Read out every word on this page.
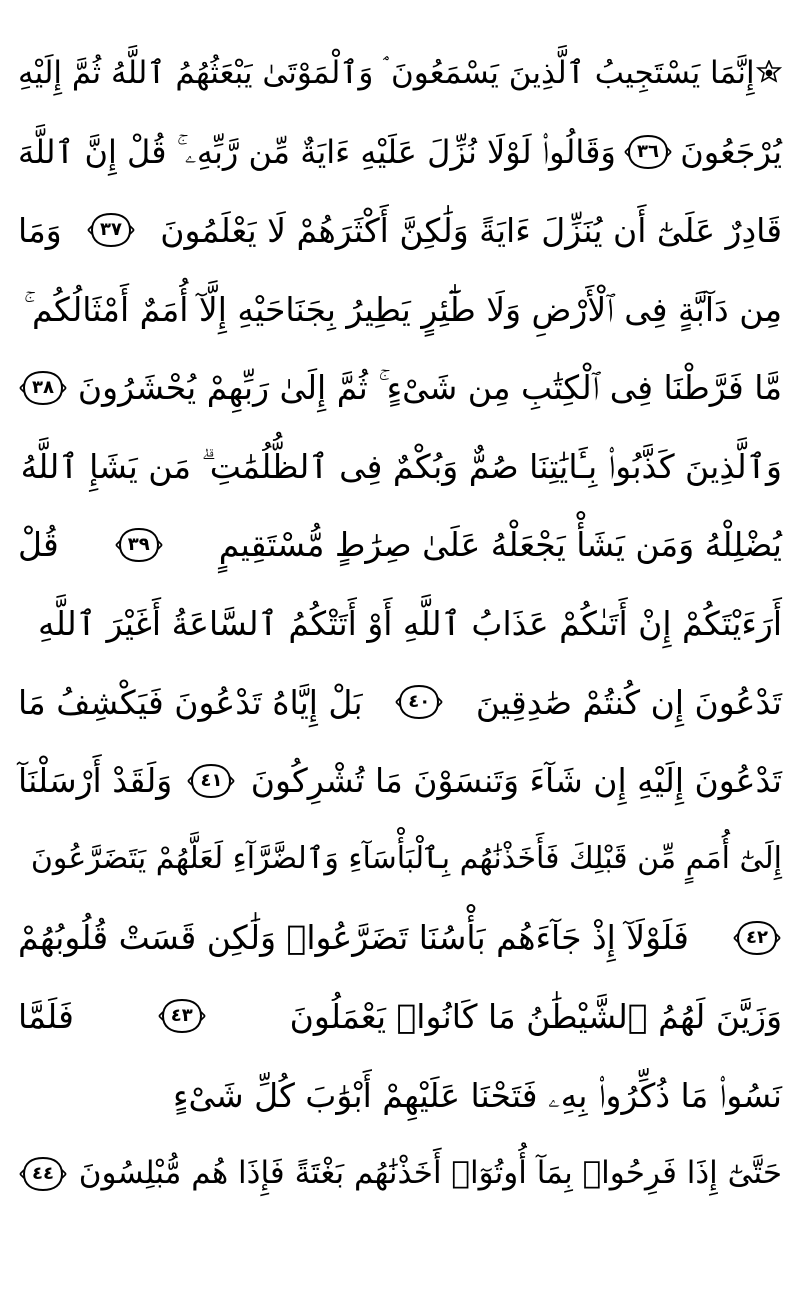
إِنَّمَا يَسْتَجِيبُ ٱلَّذِينَ يَسْمَعُونَ ۘ وَٱلْمَوْتَىٰ يَبْعَثُهُمُ ٱللَّهُ ثُمَّ إِلَيْهِ
يُرْجَعُونَ
٣٦
وَقَالُوا۟ لَوْلَا نُزِّلَ عَلَيْهِ ءَايَةٌ مِّن رَّبِّهِۦ ۚ قُلْ إِنَّ ٱللَّهَ
قَادِرٌ عَلَىٰٓ أَن يُنَزِّلَ ءَايَةً وَلَٰكِنَّ أَكْثَرَهُمْ لَا يَعْلَمُونَ
٣٧
وَمَا
مِن دَآبَّةٍ فِى ٱلْأَرْضِ وَلَا طَٰٓئِرٍ يَطِيرُ بِجَنَاحَيْهِ إِلَّآ أُمَمٌ أَمْثَالُكُم ۚ
مَّا فَرَّطْنَا فِى ٱلْكِتَٰبِ مِن شَىْءٍ ۚ ثُمَّ إِلَىٰ رَبِّهِمْ يُحْشَرُونَ
٣٨
وَٱلَّذِينَ كَذَّبُوا۟ بِـَٔايَٰتِنَا صُمٌّ وَبُكْمٌ فِى ٱلظُّلُمَٰتِ ۗ مَن يَشَإِ ٱللَّهُ
يُضْلِلْهُ وَمَن يَشَأْ يَجْعَلْهُ عَلَىٰ صِرَٰطٍ مُّسْتَقِيمٍ
٣٩
قُلْ
أَرَءَيْتَكُمْ إِنْ أَتَىٰكُمْ عَذَابُ ٱللَّهِ أَوْ أَتَتْكُمُ ٱلسَّاعَةُ أَغَيْرَ ٱللَّهِ
تَدْعُونَ إِن كُنتُمْ صَٰدِقِينَ
٤٠
بَلْ إِيَّاهُ تَدْعُونَ فَيَكْشِفُ مَا
تَدْعُونَ إِلَيْهِ إِن شَآءَ وَتَنسَوْنَ مَا تُشْرِكُونَ
٤١
وَلَقَدْ أَرْسَلْنَآ
إِلَىٰٓ أُمَمٍ مِّن قَبْلِكَ فَأَخَذْنَٰهُم بِٱلْبَأْسَآءِ وَٱلضَّرَّآءِ لَعَلَّهُمْ يَتَضَرَّعُونَ
٤٢
فَلَوْلَآ إِذْ جَآءَهُم بَأْسُنَا تَضَرَّعُوا۟ وَلَٰكِن قَسَتْ قُلُوبُهُمْ
وَزَيَّنَ لَهُمُ ٱلشَّيْطَٰنُ مَا كَانُوا۟ يَعْمَلُونَ
٤٣
فَلَمَّا
نَسُوا۟ مَا ذُكِّرُوا۟ بِهِۦ فَتَحْنَا عَلَيْهِمْ أَبْوَٰبَ كُلِّ شَىْءٍ
حَتَّىٰٓ إِذَا فَرِحُوا۟ بِمَآ أُوتُوٓا۟ أَخَذْنَٰهُم بَغْتَةً فَإِذَا هُم مُّبْلِسُونَ
٤٤
